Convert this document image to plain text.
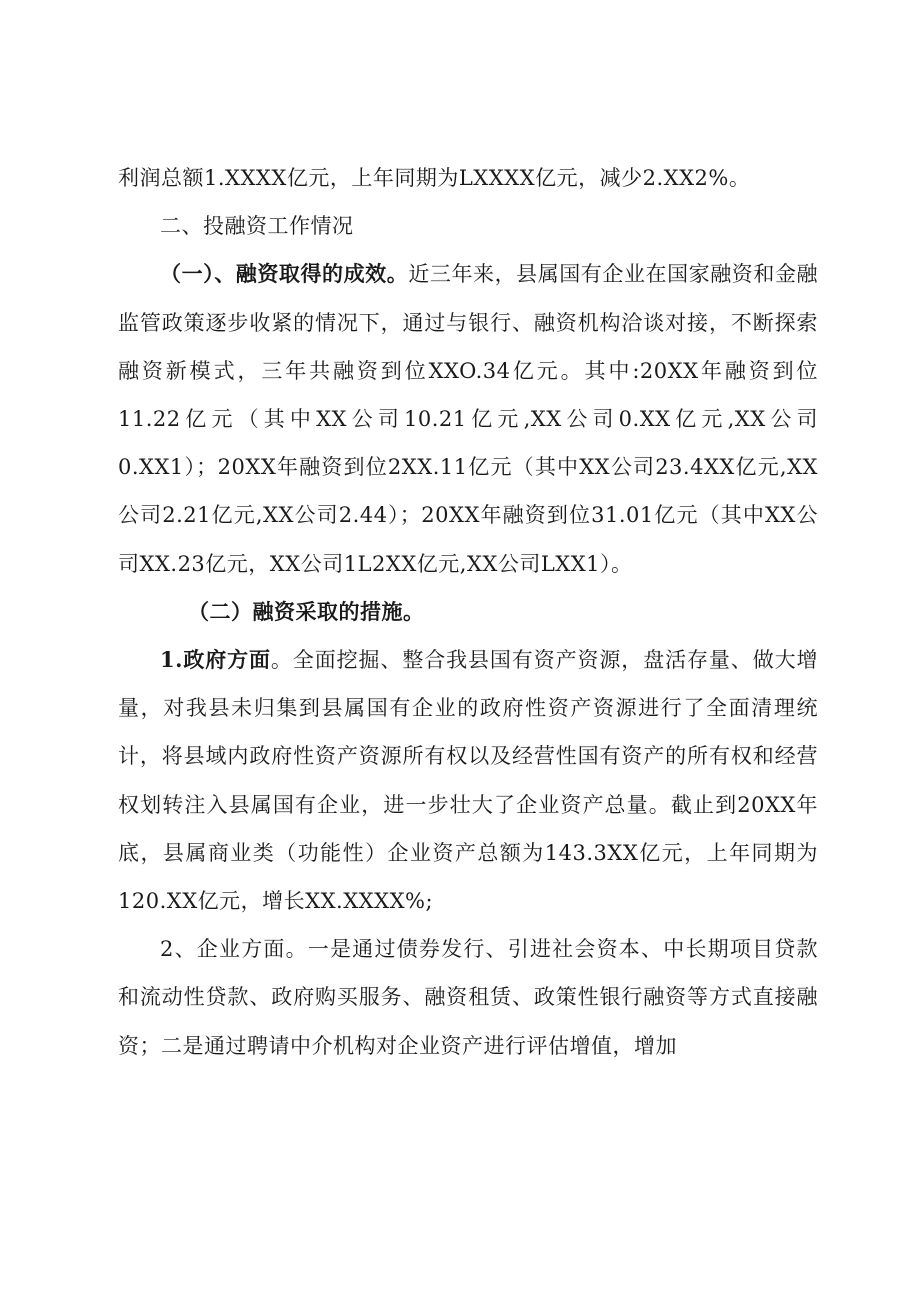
利润总额1.XXXX亿元，上年同期为LXXXX亿元，减少2.XX2%。

二、投融资工作情况

（一）、融资取得的成效。近三年来，县属国有企业在国家融资和金融监管政策逐步收紧的情况下，通过与银行、融资机构洽谈对接，不断探索融资新模式，三年共融资到位XXO.34亿元。其中:20XX年融资到位11.22亿元（其中XX公司10.21亿元,XX公司0.XX亿元,XX公司0.XX1）；20XX年融资到位2XX.11亿元（其中XX公司23.4XX亿元,XX公司2.21亿元,XX公司2.44）；20XX年融资到位31.01亿元（其中XX公司XX.23亿元，XX公司1L2XX亿元,XX公司LXX1）。

（二）融资采取的措施。

1.政府方面。全面挖掘、整合我县国有资产资源，盘活存量、做大增量，对我县未归集到县属国有企业的政府性资产资源进行了全面清理统计，将县域内政府性资产资源所有权以及经营性国有资产的所有权和经营权划转注入县属国有企业，进一步壮大了企业资产总量。截止到20XX年底，县属商业类（功能性）企业资产总额为143.3XX亿元，上年同期为120.XX亿元，增长XX.XXXX%;

2、企业方面。一是通过债券发行、引进社会资本、中长期项目贷款和流动性贷款、政府购买服务、融资租赁、政策性银行融资等方式直接融资；二是通过聘请中介机构对企业资产进行评估增值，增加
